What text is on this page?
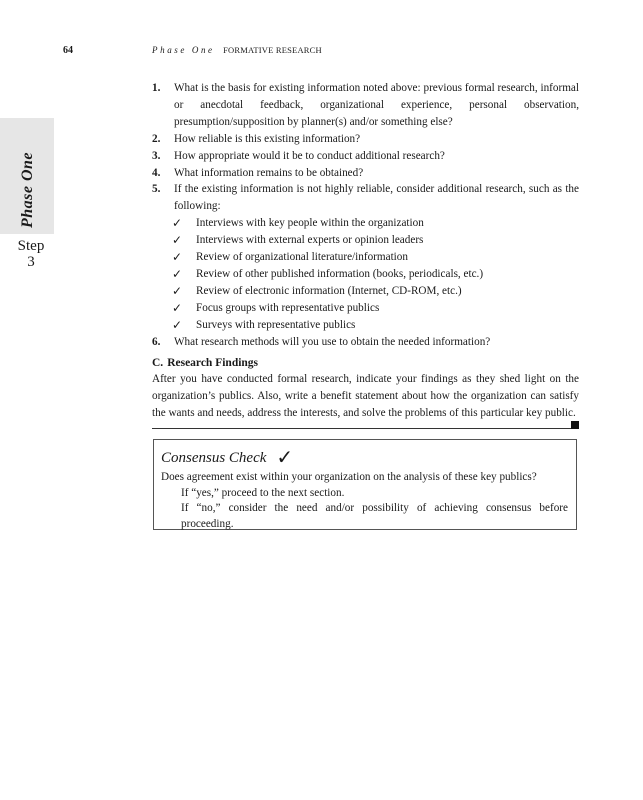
64	Phase One FORMATIVE RESEARCH
Phase One
Step
3
1.	What is the basis for existing information noted above: previous formal research, informal or anecdotal feedback, organizational experience, personal observation, presumption/supposition by planner(s) and/or something else?
2.	How reliable is this existing information?
3.	How appropriate would it be to conduct additional research?
4.	What information remains to be obtained?
5.	If the existing information is not highly reliable, consider additional research, such as the following:
✓	Interviews with key people within the organization
✓	Interviews with external experts or opinion leaders
✓	Review of organizational literature/information
✓	Review of other published information (books, periodicals, etc.)
✓	Review of electronic information (Internet, CD-ROM, etc.)
✓	Focus groups with representative publics
✓	Surveys with representative publics
6.	What research methods will you use to obtain the needed information?
C. Research Findings
After you have conducted formal research, indicate your findings as they shed light on the organization’s publics. Also, write a benefit statement about how the organization can satisfy the wants and needs, address the interests, and solve the problems of this particular key public.
Consensus Check ✓
Does agreement exist within your organization on the analysis of these key publics?
If “yes,” proceed to the next section.
If “no,” consider the need and/or possibility of achieving consensus before proceeding.
